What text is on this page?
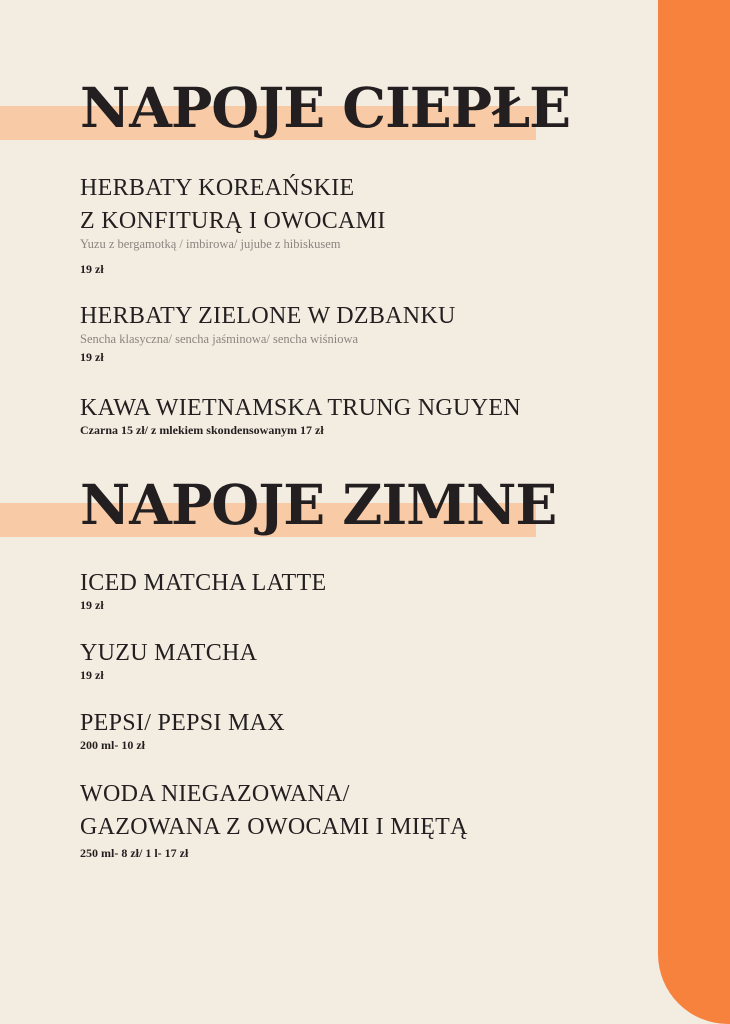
NAPOJE CIEPŁE

HERBATY KOREAŃSKIE

Z KONFITURĄ I OWOCAMI

Yuzu z bergamotką / imbirowa/ jujube z hibiskusem

19 zł

HERBATY ZIELONE W DZBANKU

Sencha klasyczna/ sencha jaśminowa/ sencha wiśniowa

19 zł

KAWA WIETNAMSKA TRUNG NGUYEN

Czarna 15 zł/ z mlekiem skondensowanym 17 zł

NAPOJE ZIMNE

ICED MATCHA LATTE

19 zł

YUZU MATCHA

19 zł

PEPSI/ PEPSI MAX

200 ml- 10 zł

WODA NIEGAZOWANA/

GAZOWANA Z OWOCAMI I MIĘTĄ

250 ml- 8 zł/ 1 l- 17 zł
